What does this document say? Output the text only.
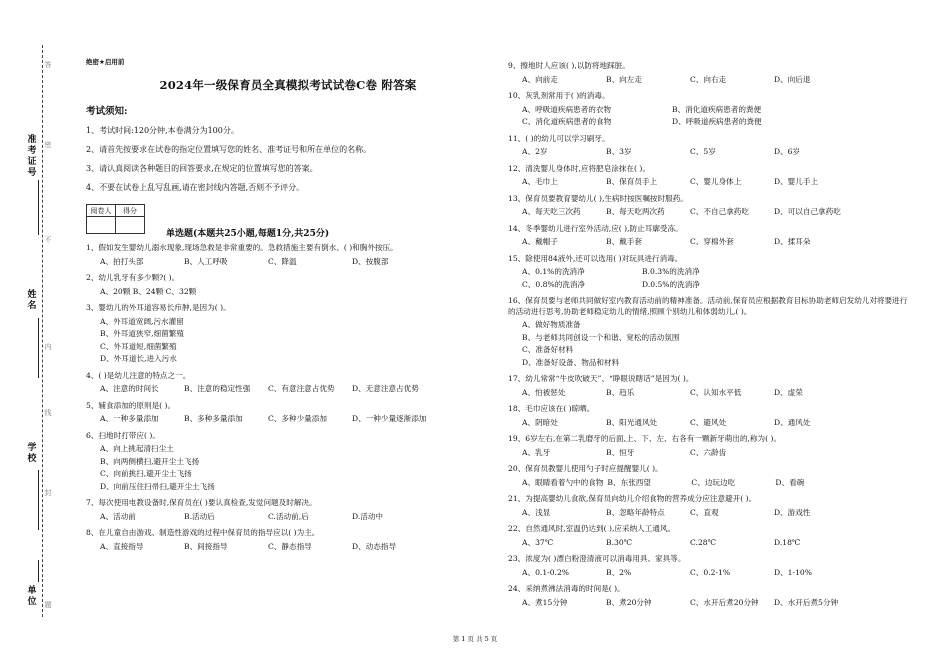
准考证号
姓名
学校
单位
答
密
不
内
线
封
题
绝密★启用前
2024年一级保育员全真模拟考试试卷C卷 附答案
考试须知:
1、考试时间:120分钟,本卷满分为100分。
2、请首先按要求在试卷的指定位置填写您的姓名、准考证号和所在单位的名称。
3、请认真阅读各种题目的回答要求,在规定的位置填写您的答案。
4、不要在试卷上乱写乱画,请在密封线内答题,否则不予评分。
阅卷人	得分

单选题(本题共25小题,每题1分,共25分)
1、假如发生婴幼儿溺水现象,现场急救是非常重要的。急救措施主要有倒水、( )和胸外按压。
A、拍打头部	B、人工呼吸	C、降温	D、按腹部
2、幼儿乳牙有多少颗?( )。
A、20颗 B、24颗 C、32颗
3、婴幼儿的外耳道容易长疖肿,是因为( )。
A、外耳道宽阔,污水灌留
B、外耳道狭窄,细菌繁殖
C、外耳道短,细菌繁殖
D、外耳道长,进入污水
4、( )是幼儿注意的特点之一。
A、注意的时间长	B、注意的稳定性强 C、有意注意占优势 D、无意注意占优势
5、辅食添加的原则是( )。
A、一种多量添加	B、多种多量添加	C、多种少量添加	D、一种少量逐渐添加
6、扫地时打带应( )。
A、向上挑起清扫尘土
B、向两侧横扫,避开尘土飞扬
C、向前挑扫,避开尘土飞扬
D、向前压住扫帚扫,避开尘土飞扬
7、每次使用电教设备时,保育员在( )要认真检查,发觉问题及时解决。
A、活动前	B.活动后	C.活动前,后	D.活动中
8、在儿童自由游戏、制造性游戏的过程中保育员的指导应以( )为主。
A、直接指导	B、间接指导	C、静态指导	D、动态指导
9、擦地时人应该( ),以防将地踩脏。
A、向前走	B、向左走	C、向右走	D、向后退
10、灰乳剂常用于( )的消毒。
A、呼吸道疾病患者的衣物	B、消化道疾病患者的粪便
C、消化道疾病患者的食物	D、呼吸道疾病患者的粪便
11、( )的幼儿可以学习刷牙。
A、2岁	B、3岁	C、5岁	D、6岁
12、清洗婴儿身体时,应将肥皂涂抹在( )。
A、毛巾上	B、保育员手上	C、婴儿身体上	D、婴儿手上
13、保育员要教育婴幼儿( ),生病时按医嘱按时服药。
A、每天吃三次药	B、每天吃两次药	C、不自己拿药吃	D、可以自己拿药吃
14、冬季婴幼儿进行室外活动,应( ),防止耳廓受冻。
A、戴帽子	B、戴手套	C、穿棉外套	D、揉耳朵
15、除使用84液外,还可以选用( )对玩具进行消毒。
A、0.1%的洗消净	B.0.3%的洗消净
C、0.8%的洗消净	D.0.5%的洗消净
16、保育员要与老师共同做好室内教育活动前的精神准备。活动前,保育员应根据教育目标协助老师启发幼儿对将要进行的活动进行思考,协助老师稳定幼儿的情绪,照顾个别幼儿和体弱幼儿,( )。
A、做好物质准备
B、与老师共同创设一个和谐、宽松的活动氛围
C、准备好材料
D、准备好设备、物品和材料
17、幼儿常常“牛皮吹破天”、“睁眼说瞎话”是因为( )。
A、怕被惩处	B、趋乐	C、认知水平低	D、虚荣
18、毛巾应该在( )晾晒。
A、阴暗处	B、阳光通风处	C、避风处	D、通风处
19、6岁左右,在第二乳磨牙的后面,上、下、左、右各有一颗新牙萌出的,称为( )。
A、乳牙	B、恒牙	C、六龄齿
20、保育员教婴儿使用勺子时应提醒婴儿( )。
A、眼睛看着勺中的食物 B、东张西望	C、边玩边吃	D、看碗
21、为提高婴幼儿食欲,保育员向幼儿介绍食物的营养成分应注意避开( )。
A、浅显	B、忽略年龄特点	C、直观	D、游戏性
22、自然通风时,室温仍达到( ),应采纳人工通风。
A、37℃	B.30℃	C.28℃	D.18℃
23、浓度为( )漂白粉澄清液可以消毒用具、家具等。
A、0.1-0.2%	B、2%	C、0.2-1%	D、1-10%
24、采纳煮沸法消毒的时间是( )。
A、煮15分钟	B、煮20分钟	C、水开后煮20分钟 D、水开后煮5分钟
第 1 页 共 5 页
